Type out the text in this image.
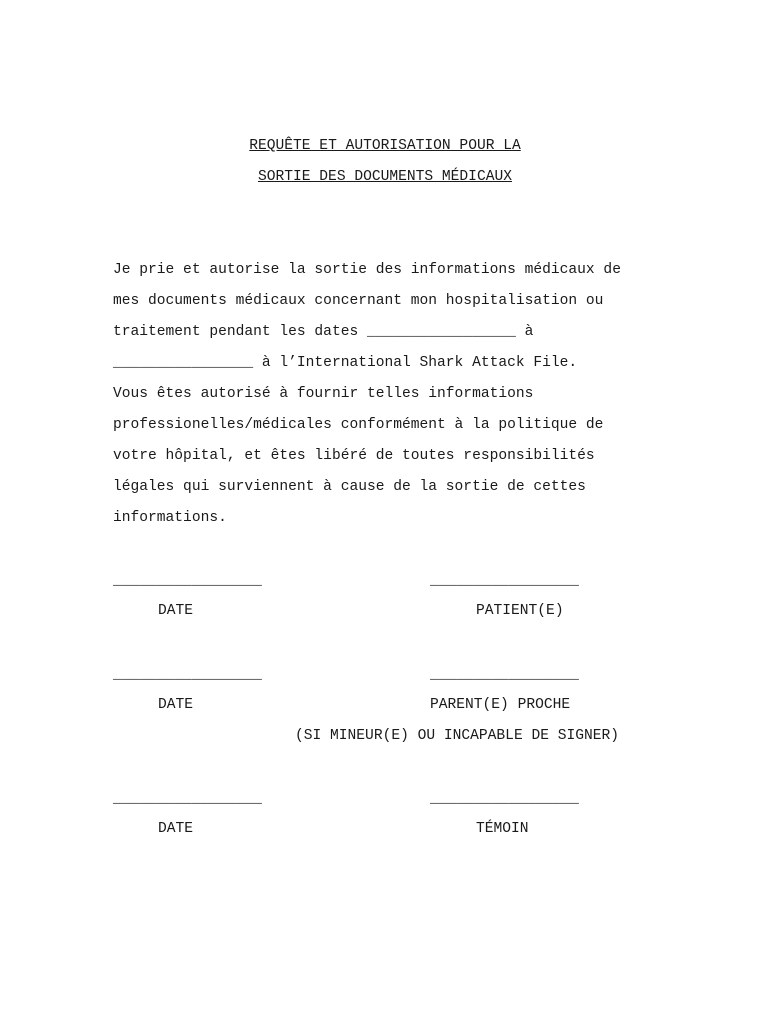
REQUÊTE ET AUTORISATION POUR LA
SORTIE DES DOCUMENTS MÉDICAUX
Je prie et autorise la sortie des informations médicaux de
mes documents médicaux concernant mon hospitalisation ou
traitement pendant les dates _________________ à
________________ à l’International Shark Attack File.
Vous êtes autorisé à fournir telles informations
professionelles/médicales conformément à la politique de
votre hôpital, et êtes libéré de toutes responsibilités
légales qui surviennent à cause de la sortie de cettes
informations.
_________________	_________________
DATE	PATIENT(E)
_________________	_________________
DATE	PARENT(E) PROCHE
(SI MINEUR(E) OU INCAPABLE DE SIGNER)
_________________	_________________
DATE	TÉMOIN
